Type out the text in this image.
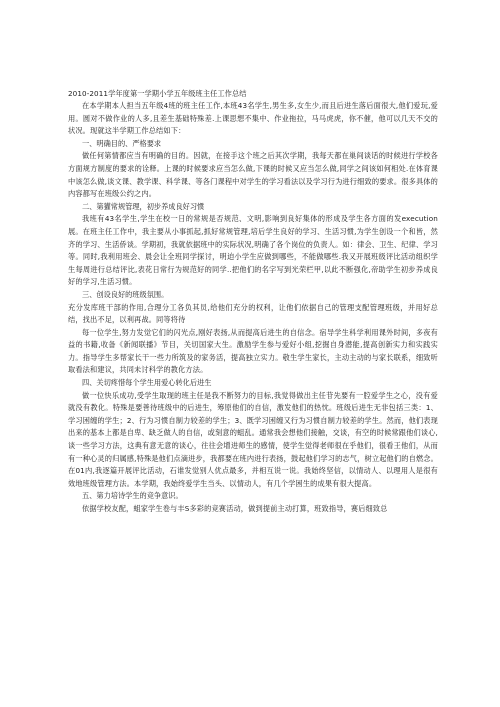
2010-2011学年度第一学期小学五年级班主任工作总结

在本学期本人担当五年级4班的班主任工作,本班43名学生,男生多,女生少,而且后进生落后面很大,他们爱玩,爱用。圆对不做作业的人多,且差生基础特殊差.上课思想不集中、作业拖拉，马马虎虎，你不催，他可以几天不交的状况。现就这半学期工作总结如下：

一、明确目的、严格要求

做任何第情都应当有明确的目的。因就，在接手这个班之后其次学期，我每天都在巢间谈话的时候进行学校各方面规方制度的要求的诠释。上课的时候要求应当怎么做,下课的时候又应当怎么做,同学之间该如何相处.在体育课中该怎么做,谈文课、教学课、科学课、等各门课程中对学生的学习看法以及学习行为进行细致的要求。很多具体的内容都写在班级公约之内。

二、第獾常规管理，初步养成良好习惯

我班有43名学生,学生在校一日的常规是否规范、文明,影响到良好集体的形成及学生各方面的发execution展。在班主任工作中，我主要从小事抓起,抓好常规管理,培后学生良好的学习、生活习惯,为学生创设一个和皆，然齐的学习、生活侨谈。学期初，我就依据班中的实际状况,明确了各个岗位的负责人。如：律会、卫生、纪律、学习等。同时,我利用班会、晨会让全班同学探讨，明迫小学生应做到哪些，不能做哪些.我又开展班级评比活动组织学生每周进行总结评比,表花日常行为规范好的同学..把他们的名字写到光荣栏甲,以此不断强化,帝助学生初步养成良好的学习,生活习惯。

三、创设良好的班级氛围。

充分发库班干部的作用,合理分工各负其员,给他们充分的权利，让他们依据自己的管理支配管理班级，并用好总结，找出不足，以利再战。同等将待

每一位学生,努力发觉它们的闪光点,刚好表扬,从而提高后进生的自信念。宿导学生科学利用课外时间，多夜有益的书籍,收备《新闻联播》节目，关切国家大生。激励学生参与爱好小组,挖掘自身潜能,提高创新实力和实践实力。指导学生多帮家长干一些力所筑及的家务活，提高独立实力。敬生学生家长，主动主动的与家长联系，细致听取看法和建议，共同未讨科学的教化方法。

四、关切疼惜每个学生用爱心转化后进生

做一位快乐成功,受学生取现的班主任是我不断努力的目标,我觉得做出主任苷先要有一腔爱学生之心，没有爱就没有教化。特殊是要善待班级中的后进生，筹原他们的自信，激发他们的热忱。班级后进生无非包括三类：1、学习困缠的学生；2、行为习惯自制力较差的学生；3、既学习困缠又行为习惯自制力较差的学生。然而，他们表现出来的基本上都是自卑、缺乏做人的自信，或刻意的蛆乱。通常我会想他们接触，交谈，有空的时候常跟他们谈心,谈一些学习方法，这典有意无意的谈心，往往会增进师生的感情，使学生觉得老师很在乎他们，很看王他们，从而有一种心灵的归属感,特殊是他们点滴进步，我都要在班内进行表扬，鼓起他们学习的志气，树立起他们的自燃念。在01内,我逐篇开展评比活动，石谁发觉别人优点最多，并相互说一说。我始终坚信，以情动人、以理用人是很有效地班级管理方法。本学期，我始终爱学生当头、以情动人，有几个学困生的成果有很大提高。

五、第力培诗学生的竞争意识。

依据学校友配，蛆家学生卷与丰S多彩的竞赛活动，做到提前主动打算，班致指导，赛后细致总
